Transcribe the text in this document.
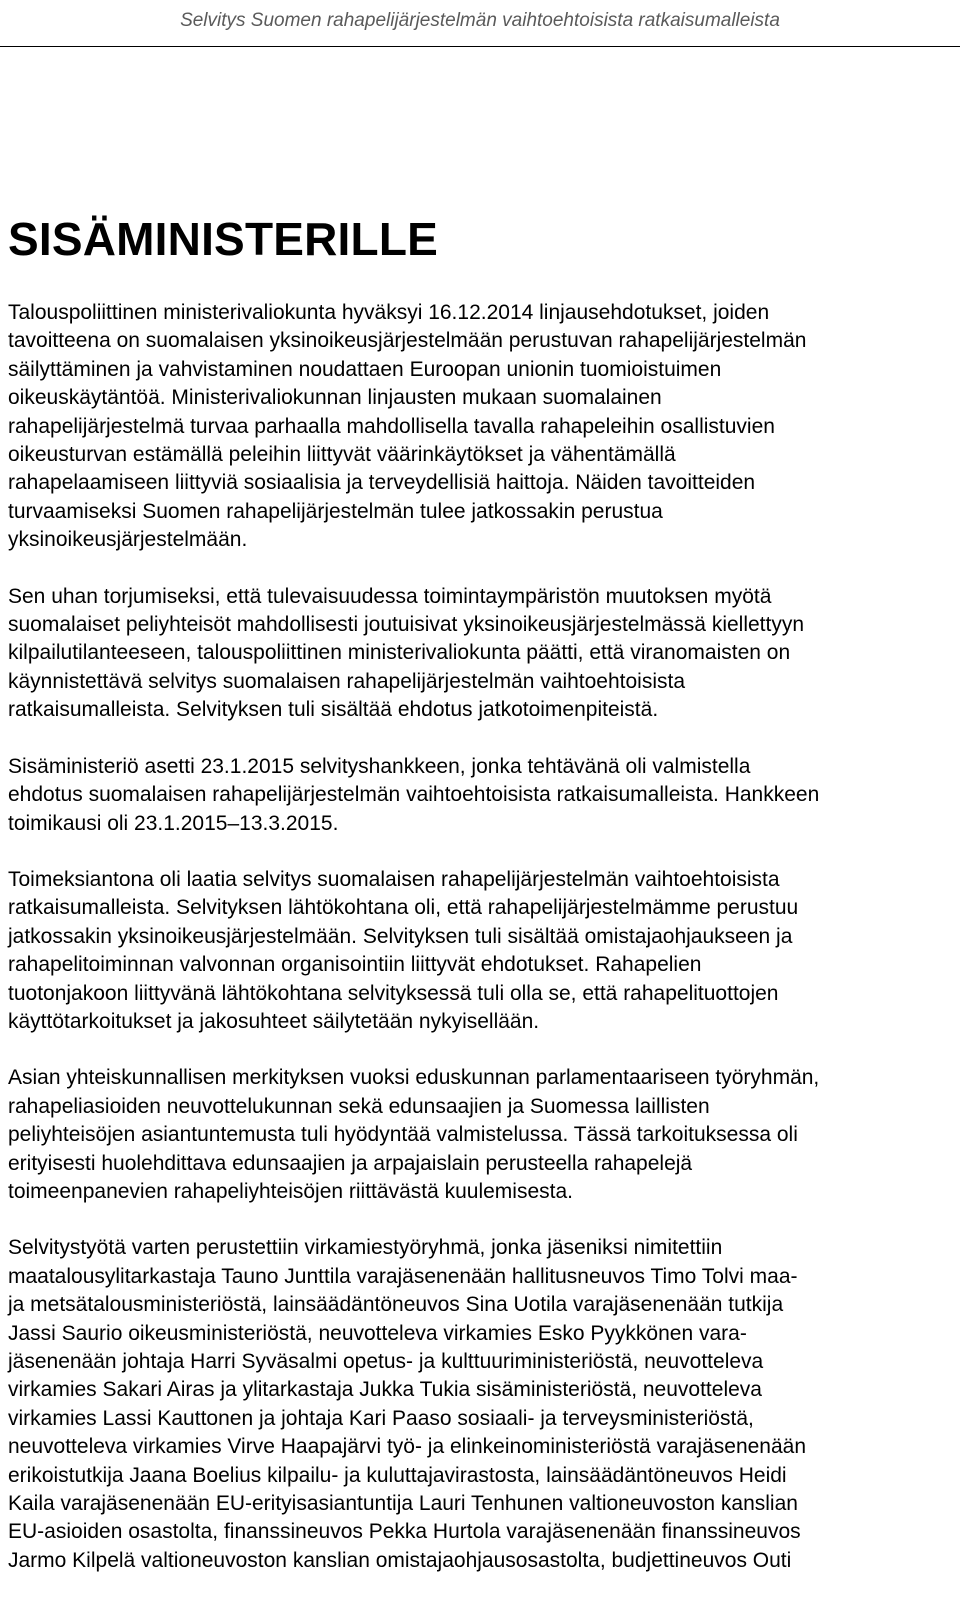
Selvitys Suomen rahapelijärjestelmän vaihtoehtoisista ratkaisumalleista
SISÄMINISTERILLE

Talouspoliittinen ministerivaliokunta hyväksyi 16.12.2014 linjausehdotukset, joiden
tavoitteena on suomalaisen yksinoikeusjärjestelmään perustuvan rahapelijärjestelmän
säilyttäminen ja vahvistaminen noudattaen Euroopan unionin tuomioistuimen
oikeuskäytäntöä. Ministerivaliokunnan linjausten mukaan suomalainen
rahapelijärjestelmä turvaa parhaalla mahdollisella tavalla rahapeleihin osallistuvien
oikeusturvan estämällä peleihin liittyvät väärinkäytökset ja vähentämällä
rahapelaamiseen liittyviä sosiaalisia ja terveydellisiä haittoja. Näiden tavoitteiden
turvaamiseksi Suomen rahapelijärjestelmän tulee jatkossakin perustua
yksinoikeusjärjestelmään.

Sen uhan torjumiseksi, että tulevaisuudessa toimintaympäristön muutoksen myötä
suomalaiset peliyhteisöt mahdollisesti joutuisivat yksinoikeusjärjestelmässä kiellettyyn
kilpailutilanteeseen, talouspoliittinen ministerivaliokunta päätti, että viranomaisten on
käynnistettävä selvitys suomalaisen rahapelijärjestelmän vaihtoehtoisista
ratkaisumalleista. Selvityksen tuli sisältää ehdotus jatkotoimenpiteistä.

Sisäministeriö asetti 23.1.2015 selvityshankkeen, jonka tehtävänä oli valmistella
ehdotus suomalaisen rahapelijärjestelmän vaihtoehtoisista ratkaisumalleista. Hankkeen
toimikausi oli 23.1.2015–13.3.2015.

Toimeksiantona oli laatia selvitys suomalaisen rahapelijärjestelmän vaihtoehtoisista
ratkaisumalleista. Selvityksen lähtökohtana oli, että rahapelijärjestelmämme perustuu
jatkossakin yksinoikeusjärjestelmään. Selvityksen tuli sisältää omistajaohjaukseen ja
rahapelitoiminnan valvonnan organisointiin liittyvät ehdotukset. Rahapelien
tuotonjakoon liittyvänä lähtökohtana selvityksessä tuli olla se, että rahapelituottojen
käyttötarkoitukset ja jakosuhteet säilytetään nykyisellään.

Asian yhteiskunnallisen merkityksen vuoksi eduskunnan parlamentaariseen työryhmän,
rahapeliasioiden neuvottelukunnan sekä edunsaajien ja Suomessa laillisten
peliyhteisöjen asiantuntemusta tuli hyödyntää valmistelussa. Tässä tarkoituksessa oli
erityisesti huolehdittava edunsaajien ja arpajaislain perusteella rahapelejä
toimeenpanevien rahapeliyhteisöjen riittävästä kuulemisesta.

Selvitystyötä varten perustettiin virkamiestyöryhmä, jonka jäseniksi nimitettiin
maatalousylitarkastaja Tauno Junttila varajäsenenään hallitusneuvos Timo Tolvi maa-
ja metsätalousministeriöstä, lainsäädäntöneuvos Sina Uotila varajäsenenään tutkija
Jassi Saurio oikeusministeriöstä, neuvotteleva virkamies Esko Pyykkönen vara-
jäsenenään johtaja Harri Syväsalmi opetus- ja kulttuuriministeriöstä, neuvotteleva
virkamies Sakari Airas ja ylitarkastaja Jukka Tukia sisäministeriöstä, neuvotteleva
virkamies Lassi Kauttonen ja johtaja Kari Paaso sosiaali- ja terveysministeriöstä,
neuvotteleva virkamies Virve Haapajärvi työ- ja elinkeinoministeriöstä varajäsenenään
erikoistutkija Jaana Boelius kilpailu- ja kuluttajavirastosta, lainsäädäntöneuvos Heidi
Kaila varajäsenenään EU-erityisasiantuntija Lauri Tenhunen valtioneuvoston kanslian
EU-asioiden osastolta, finanssineuvos Pekka Hurtola varajäsenenään finanssineuvos
Jarmo Kilpelä valtioneuvoston kanslian omistajaohjausosastolta, budjettineuvos Outi
